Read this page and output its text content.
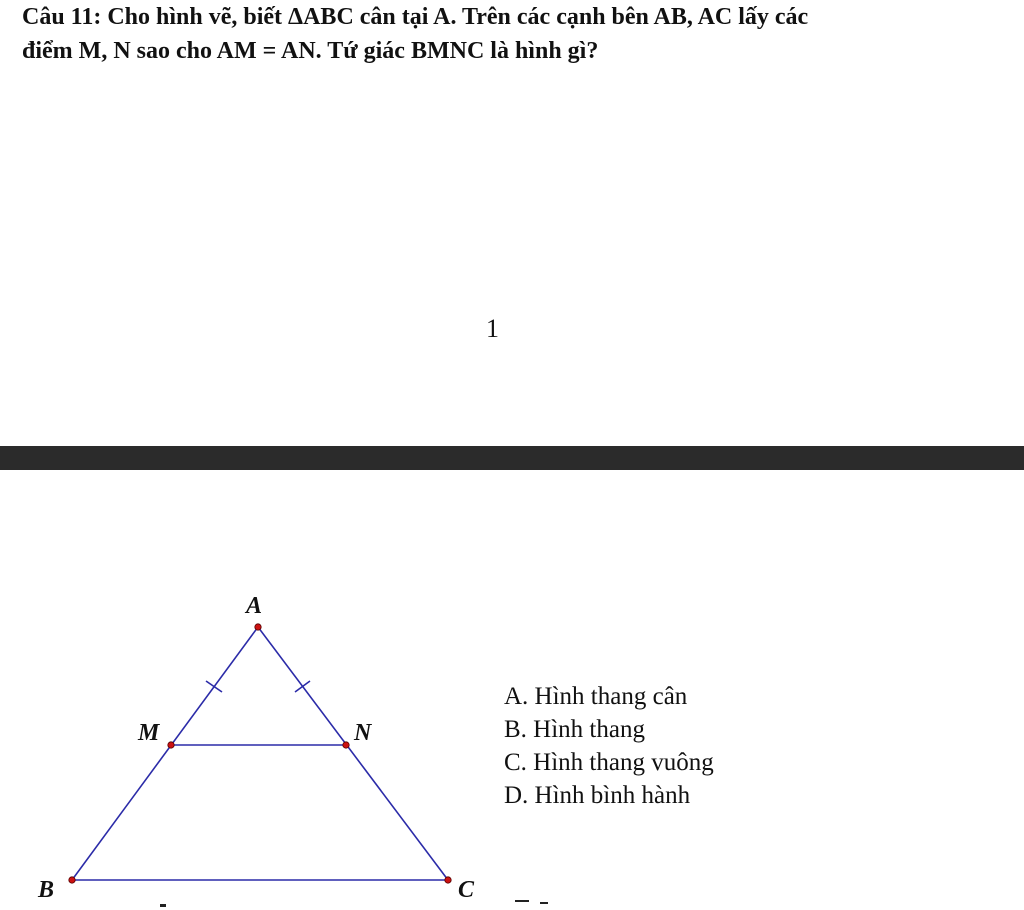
Câu 11: Cho hình vẽ, biết ΔABC cân tại A. Trên các cạnh bên AB, AC lấy các
điểm M, N sao cho AM = AN. Tứ giác BMNC là hình gì?

1
A
M	N
B	C
A. Hình thang cân
B. Hình thang
C. Hình thang vuông
D. Hình bình hành
